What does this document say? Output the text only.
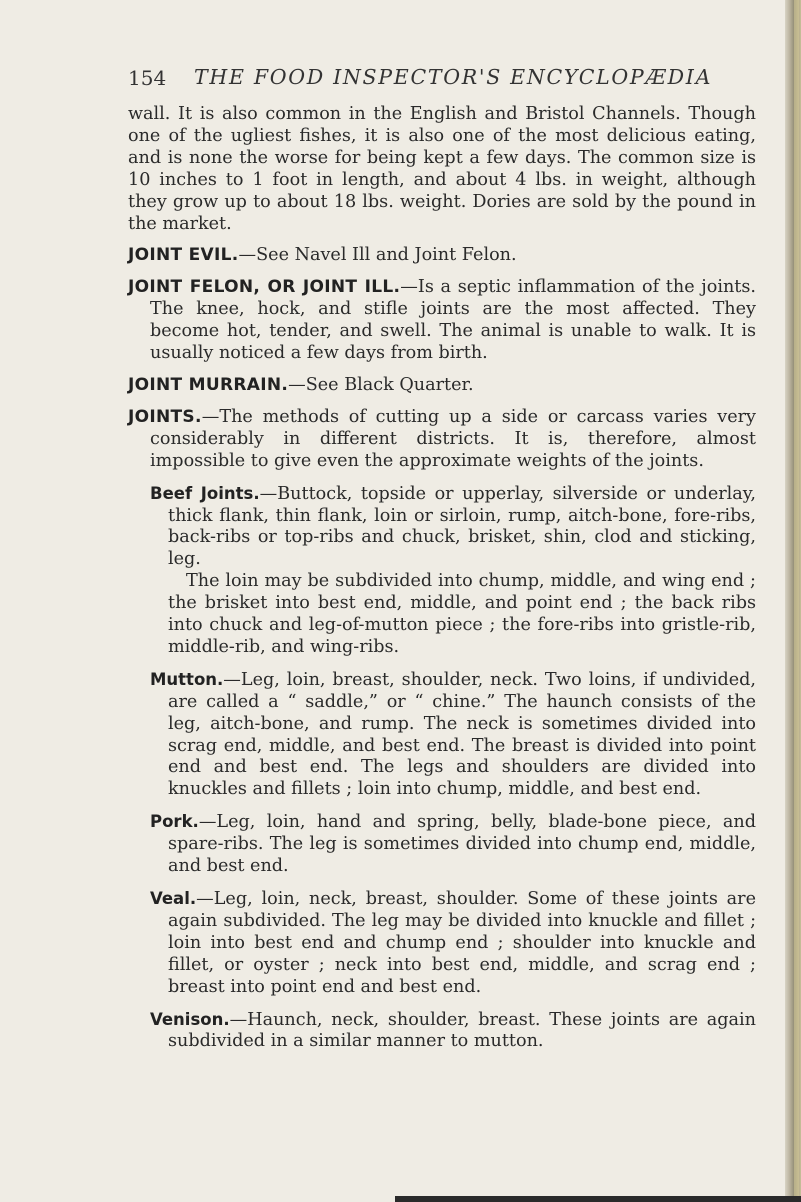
154 THE FOOD INSPECTOR'S ENCYCLOPÆDIA

wall. It is also common in the English and Bristol Channels. Though one of the ugliest fishes, it is also one of the most delicious eating, and is none the worse for being kept a few days. The common size is 10 inches to 1 foot in length, and about 4 lbs. in weight, although they grow up to about 18 lbs. weight. Dories are sold by the pound in the market.

JOINT EVIL.—See Navel Ill and Joint Felon.

JOINT FELON, OR JOINT ILL.—Is a septic inflammation of the joints. The knee, hock, and stifle joints are the most affected. They become hot, tender, and swell. The animal is unable to walk. It is usually noticed a few days from birth.

JOINT MURRAIN.—See Black Quarter.

JOINTS.—The methods of cutting up a side or carcass varies very considerably in different districts. It is, therefore, almost impossible to give even the approximate weights of the joints.

Beef Joints.—Buttock, topside or upperlay, silverside or underlay, thick flank, thin flank, loin or sirloin, rump, aitch-bone, fore-ribs, back-ribs or top-ribs and chuck, brisket, shin, clod and sticking, leg.

The loin may be subdivided into chump, middle, and wing end ; the brisket into best end, middle, and point end ; the back ribs into chuck and leg-of-mutton piece ; the fore-ribs into gristle-rib, middle-rib, and wing-ribs.

Mutton.—Leg, loin, breast, shoulder, neck. Two loins, if undivided, are called a “ saddle,” or “ chine.” The haunch consists of the leg, aitch-bone, and rump. The neck is sometimes divided into scrag end, middle, and best end. The breast is divided into point end and best end. The legs and shoulders are divided into knuckles and fillets ; loin into chump, middle, and best end.

Pork.—Leg, loin, hand and spring, belly, blade-bone piece, and spare-ribs. The leg is sometimes divided into chump end, middle, and best end.

Veal.—Leg, loin, neck, breast, shoulder. Some of these joints are again subdivided. The leg may be divided into knuckle and fillet ; loin into best end and chump end ; shoulder into knuckle and fillet, or oyster ; neck into best end, middle, and scrag end ; breast into point end and best end.

Venison.—Haunch, neck, shoulder, breast. These joints are again subdivided in a similar manner to mutton.
